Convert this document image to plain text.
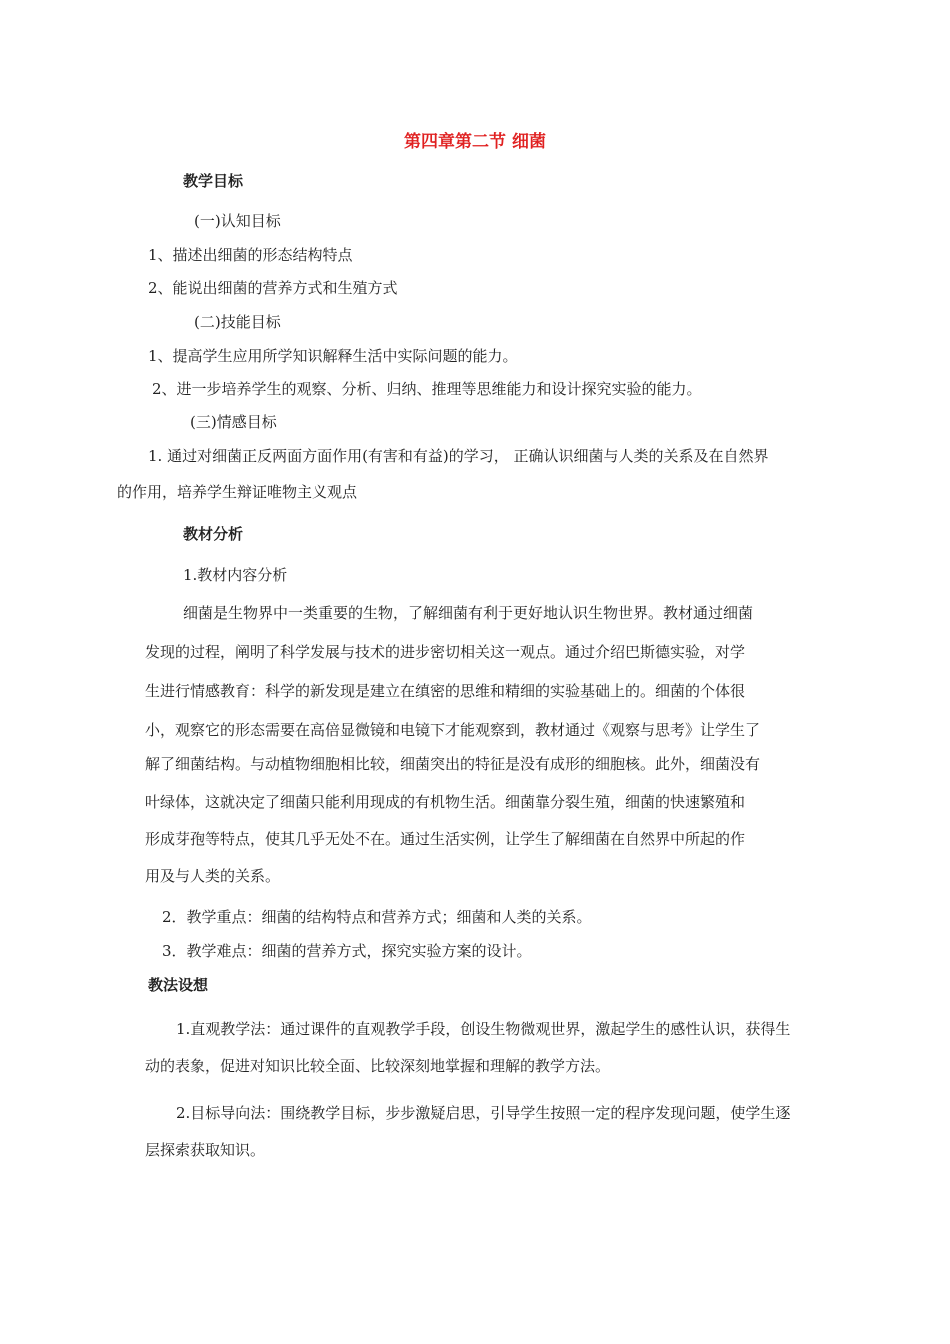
第四章第二节 细菌
教学目标
(一)认知目标
1、描述出细菌的形态结构特点
2、能说出细菌的营养方式和生殖方式
(二)技能目标
1、提高学生应用所学知识解释生活中实际问题的能力。
2、进一步培养学生的观察、分析、归纳、推理等思维能力和设计探究实验的能力。
(三)情感目标
1. 通过对细菌正反两面方面作用(有害和有益)的学习， 正确认识细菌与人类的关系及在自然界
的作用，培养学生辩证唯物主义观点
教材分析
1.教材内容分析
细菌是生物界中一类重要的生物，了解细菌有利于更好地认识生物世界。教材通过细菌
发现的过程，阐明了科学发展与技术的进步密切相关这一观点。通过介绍巴斯德实验，对学
生进行情感教育：科学的新发现是建立在缜密的思维和精细的实验基础上的。细菌的个体很
小，观察它的形态需要在高倍显微镜和电镜下才能观察到，教材通过《观察与思考》让学生了
解了细菌结构。与动植物细胞相比较，细菌突出的特征是没有成形的细胞核。此外，细菌没有
叶绿体，这就决定了细菌只能利用现成的有机物生活。细菌靠分裂生殖，细菌的快速繁殖和
形成芽孢等特点，使其几乎无处不在。通过生活实例，让学生了解细菌在自然界中所起的作
用及与人类的关系。
2．教学重点：细菌的结构特点和营养方式；细菌和人类的关系。
3．教学难点：细菌的营养方式，探究实验方案的设计。
教法设想
1.直观教学法：通过课件的直观教学手段，创设生物微观世界，激起学生的感性认识，获得生
动的表象，促进对知识比较全面、比较深刻地掌握和理解的教学方法。
2.目标导向法：围绕教学目标，步步激疑启思，引导学生按照一定的程序发现问题，使学生逐
层探索获取知识。
